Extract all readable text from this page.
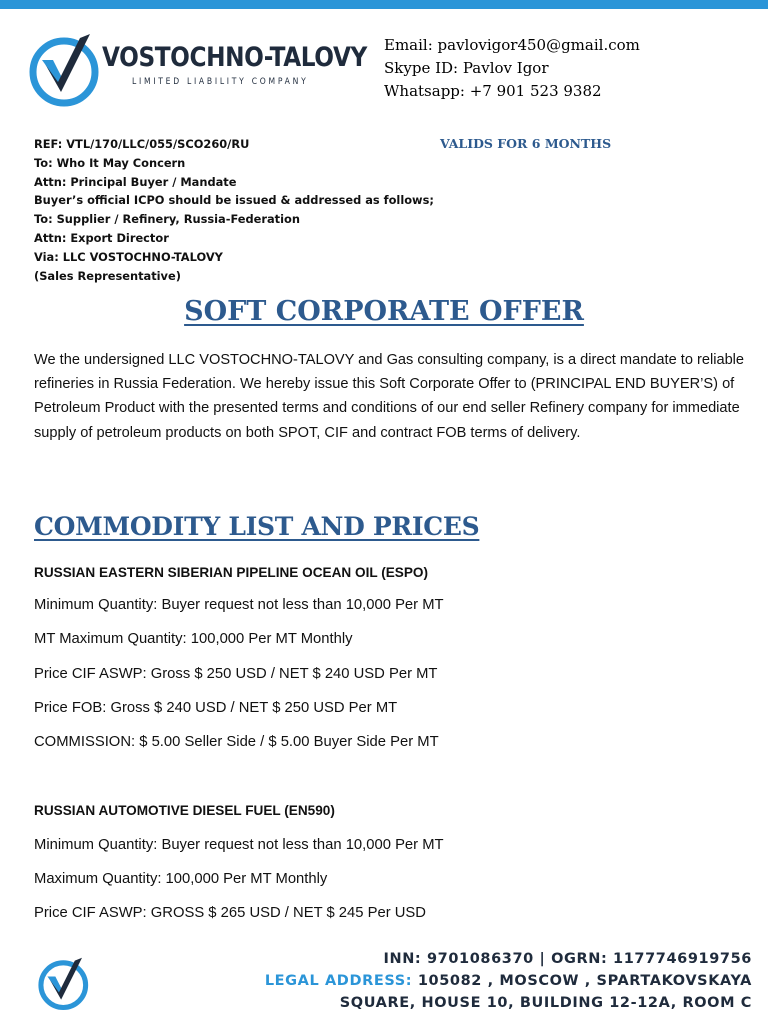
VOSTOCHNO-TALOVY
LIMITED LIABILITY COMPANY
Email: pavlovigor450@gmail.com
Skype ID: Pavlov Igor
Whatsapp: +7 901 523 9382
REF: VTL/170/LLC/055/SCO260/RU
To: Who It May Concern
Attn: Principal Buyer / Mandate
Buyer’s official ICPO should be issued & addressed as follows;
To: Supplier / Refinery, Russia-Federation
Attn: Export Director
Via: LLC VOSTOCHNO-TALOVY
(Sales Representative)
VALIDS FOR 6 MONTHS
SOFT CORPORATE OFFER
We the undersigned LLC VOSTOCHNO-TALOVY and Gas consulting company, is a direct mandate to reliable refineries in Russia Federation. We hereby issue this Soft Corporate Offer to (PRINCIPAL END BUYER’S) of Petroleum Product with the presented terms and conditions of our end seller Refinery company for immediate supply of petroleum products on both SPOT, CIF and contract FOB terms of delivery.
COMMODITY LIST AND PRICES
RUSSIAN EASTERN SIBERIAN PIPELINE OCEAN OIL (ESPO)
Minimum Quantity: Buyer request not less than 10,000 Per MT
MT Maximum Quantity: 100,000 Per MT Monthly
Price CIF ASWP: Gross $ 250 USD / NET $ 240 USD Per MT
Price FOB: Gross $ 240 USD / NET $ 250 USD Per MT
COMMISSION: $ 5.00 Seller Side / $ 5.00 Buyer Side Per MT
RUSSIAN AUTOMOTIVE DIESEL FUEL (EN590)
Minimum Quantity: Buyer request not less than 10,000 Per MT
Maximum Quantity: 100,000 Per MT Monthly
Price CIF ASWP: GROSS $ 265 USD / NET $ 245 Per USD
INN: 9701086370 | OGRN: 1177746919756
LEGAL ADDRESS: 105082 , MOSCOW , SPARTAKOVSKAYA
SQUARE, HOUSE 10, BUILDING 12-12A, ROOM C
